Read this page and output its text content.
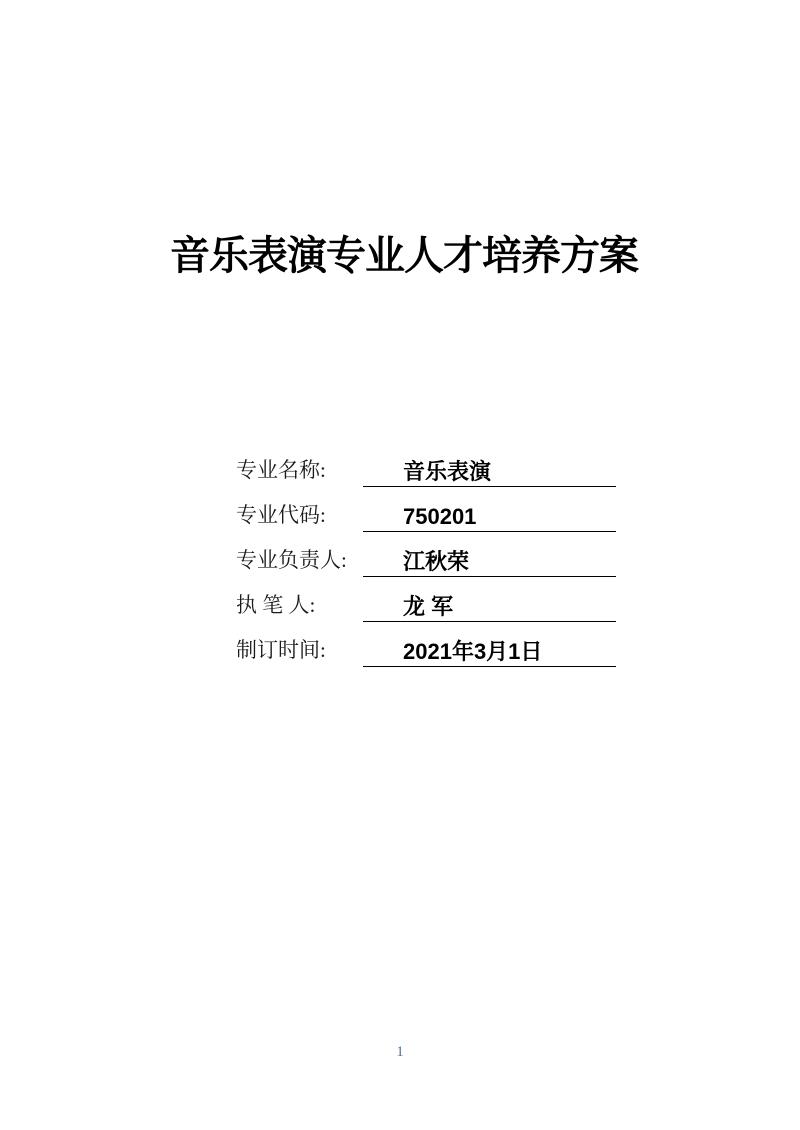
音乐表演专业人才培养方案
专业名称:	音乐表演
专业代码:	750201
专业负责人:	江秋荣
执 笔 人:	龙 军
制订时间:	2021年3月1日
1
